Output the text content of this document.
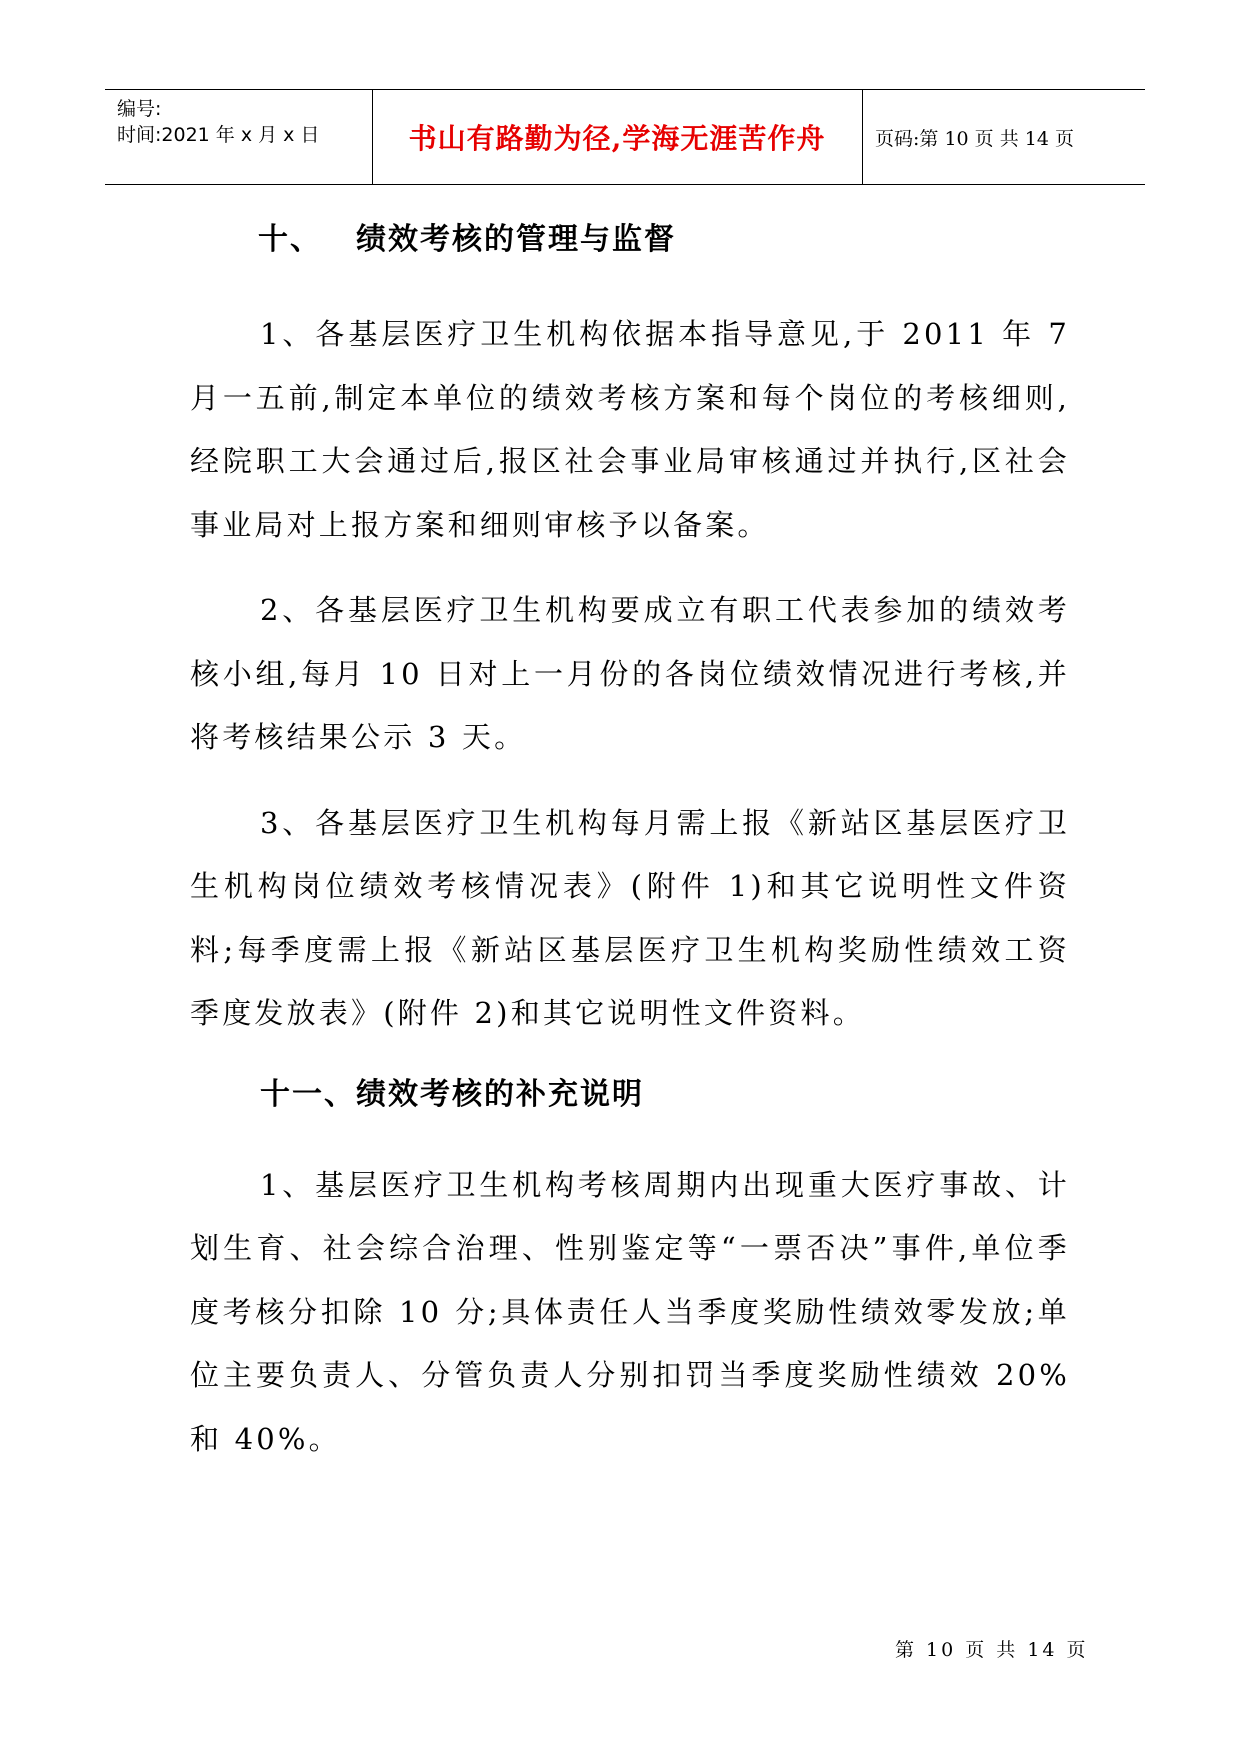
编号:
时间:2021 年 x 月 x 日	书山有路勤为径,学海无涯苦作舟	页码:第 10 页 共 14 页
十、 绩效考核的管理与监督
1、各基层医疗卫生机构依据本指导意见,于 2011 年 7 月一五前,制定本单位的绩效考核方案和每个岗位的考核细则,经院职工大会通过后,报区社会事业局审核通过并执行,区社会事业局对上报方案和细则审核予以备案。
2、各基层医疗卫生机构要成立有职工代表参加的绩效考核小组,每月 10 日对上一月份的各岗位绩效情况进行考核,并将考核结果公示 3 天。
3、各基层医疗卫生机构每月需上报《新站区基层医疗卫生机构岗位绩效考核情况表》(附件 1)和其它说明性文件资料;每季度需上报《新站区基层医疗卫生机构奖励性绩效工资季度发放表》(附件 2)和其它说明性文件资料。
十一、绩效考核的补充说明
1、基层医疗卫生机构考核周期内出现重大医疗事故、计划生育、社会综合治理、性别鉴定等“一票否决”事件,单位季度考核分扣除 10 分;具体责任人当季度奖励性绩效零发放;单位主要负责人、分管负责人分别扣罚当季度奖励性绩效 20%和 40%。
第 10 页 共 14 页
